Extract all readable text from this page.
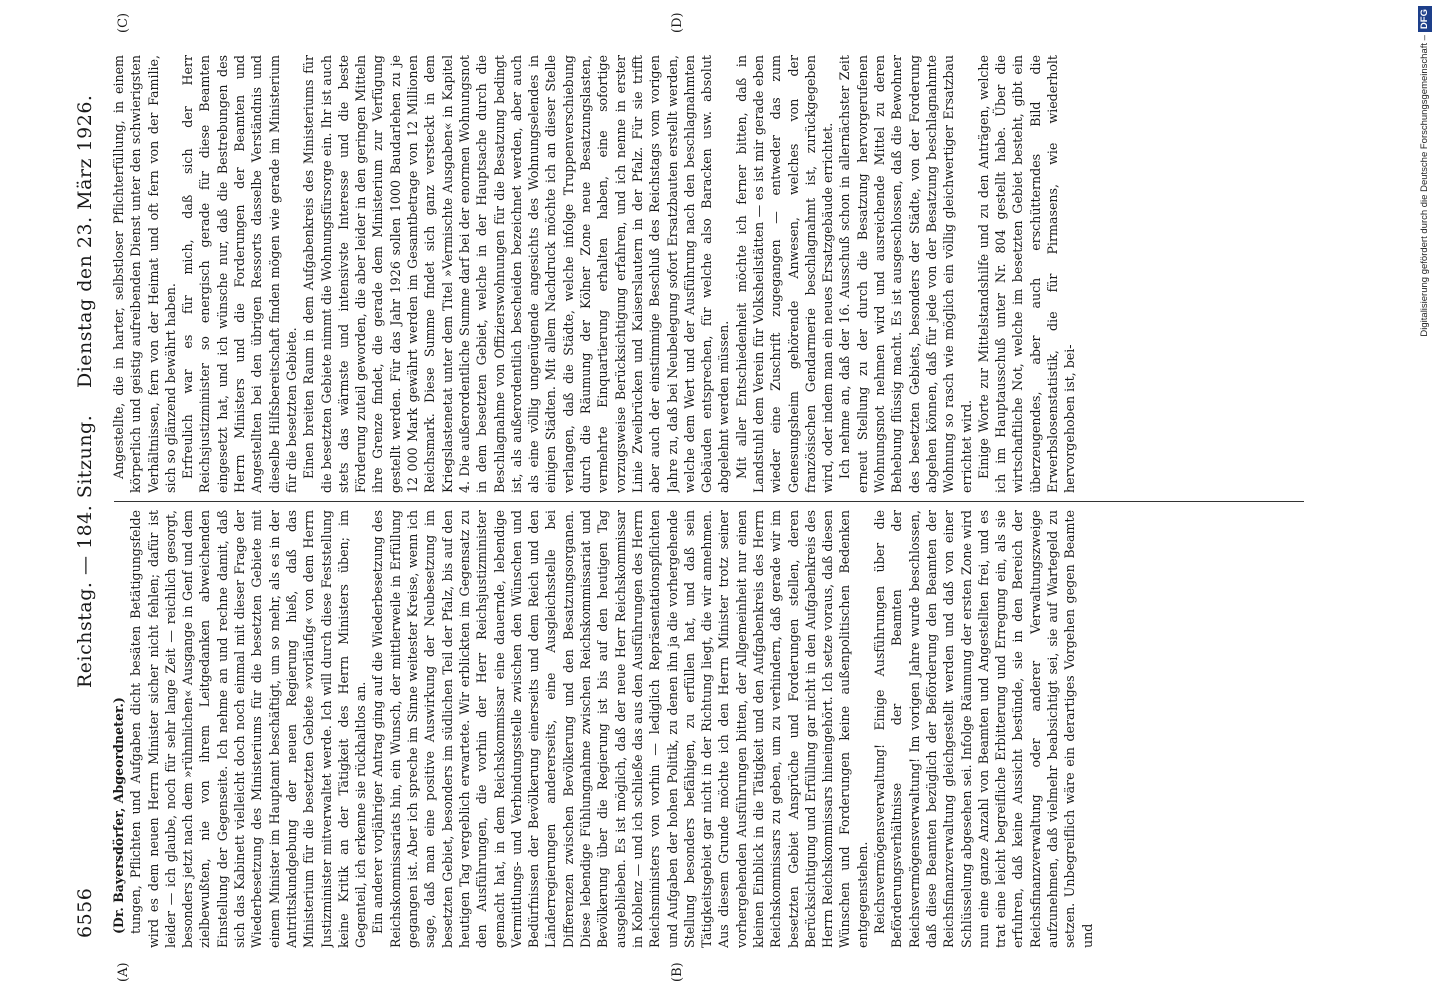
6556
Reichstag. — 184. Sitzung.
Dienstag den 23. März 1926.
(A)	(B)
(C)	(D)

(Dr. Bayersdörfer, Abgeordneter.) tungen, Pflichten und Aufgaben dicht besäten Betätigungsfelde wird es dem neuen Herrn Minister sicher nicht fehlen; dafür ist leider — ich glaube, noch für sehr lange Zeit — reichlich gesorgt, besonders jetzt nach dem »rühmlichen« Ausgange in Genf und dem zielbewußten, nie von ihrem Leitgedanken abweichenden Einstellung der Gegenseite. Ich nehme an und rechne damit, daß sich das Kabinett vielleicht doch noch einmal mit dieser Frage der Wiederbesetzung des Ministeriums für die besetzten Gebiete mit einem Minister im Hauptamt beschäftigt, um so mehr, als es in der Antrittskundgebung der neuen Regierung hieß, daß das Ministerium für die besetzten Gebiete »vorläufig« von dem Herrn Justizminister mitverwaltet werde. Ich will durch diese Feststellung keine Kritik an der Tätigkeit des Herrn Ministers üben; im Gegenteil, ich erkenne sie rückhaltlos an. Ein anderer vorjähriger Antrag ging auf die Wiederbesetzung des Reichskommissariats hin, ein Wunsch, der mittlerweile in Erfüllung gegangen ist. Aber ich spreche im Sinne weitester Kreise, wenn ich sage, daß man eine positive Auswirkung der Neubesetzung im besetzten Gebiet, besonders im südlichen Teil der Pfalz, bis auf den heutigen Tag vergeblich erwartete. Wir erblickten im Gegensatz zu den Ausführungen, die vorhin der Herr Reichsjustizminister gemacht hat, in dem Reichskommissar eine dauernde, lebendige Vermittlungs- und Verbindungsstelle zwischen den Wünschen und Bedürfnissen der Bevölkerung einerseits und dem Reich und den Länderregierungen andererseits, eine Ausgleichsstelle bei Differenzen zwischen Bevölkerung und den Besatzungsorganen. Diese lebendige Fühlungnahme zwischen Reichskommissariat und Bevölkerung über die Regierung ist bis auf den heutigen Tag ausgeblieben. Es ist möglich, daß der neue Herr Reichskommissar in Koblenz — und ich schließe das aus den Ausführungen des Herrn Reichsministers von vorhin — lediglich Repräsentationspflichten und Aufgaben der hohen Politik, zu denen ihn ja die vorhergehende Stellung besonders befähigen, zu erfüllen hat, und daß sein Tätigkeitsgebiet gar nicht in der Richtung liegt, die wir annehmen. Aus diesem Grunde möchte ich den Herrn Minister trotz seiner vorhergehenden Ausführungen bitten, der Allgemeinheit nur einen kleinen Einblick in die Tätigkeit und den Aufgabenkreis des Herrn Reichskommissars zu geben, um zu verhindern, daß gerade wir im besetzten Gebiet Ansprüche und Forderungen stellen, deren Berücksichtigung und Erfüllung gar nicht in den Aufgabenkreis des Herrn Reichskommissars hineingehört. Ich setze voraus, daß diesen Wünschen und Forderungen keine außenpolitischen Bedenken entgegenstehen. Reichsvermögensverwaltung! Einige Ausführungen über die Beförderungsverhältnisse der Beamten der Reichsvermögensverwaltung! Im vorigen Jahre wurde beschlossen, daß diese Beamten bezüglich der Beförderung den Beamten der Reichsfinanzverwaltung gleichgestellt werden und daß von einer Schlüsselung abgesehen sei. Infolge Räumung der ersten Zone wird nun eine ganze Anzahl von Beamten und Angestellten frei, und es trat eine leicht begreifliche Erbitterung und Erregung ein, als sie erfuhren, daß keine Aussicht bestünde, sie in den Bereich der Reichsfinanzverwaltung oder anderer Verwaltungszweige aufzunehmen, daß vielmehr beabsichtigt sei, sie auf Wartegeld zu setzen. Unbegreiflich wäre ein derartiges Vorgehen gegen Beamte und

Angestellte, die in harter, selbstloser Pflichterfüllung, in einem körperlich und geistig aufreibenden Dienst unter den schwierigsten Verhältnissen, fern von der Heimat und oft fern von der Familie, sich so glänzend bewährt haben. Erfreulich war es für mich, daß sich der Herr Reichsjustizminister so energisch gerade für diese Beamten eingesetzt hat, und ich wünsche nur, daß die Bestrebungen des Herrn Ministers und die Forderungen der Beamten und Angestellten bei den übrigen Ressorts dasselbe Verständnis und dieselbe Hilfsbereitschaft finden mögen wie gerade im Ministerium für die besetzten Gebiete. Einen breiten Raum in dem Aufgabenkreis des Ministeriums für die besetzten Gebiete nimmt die Wohnungsfürsorge ein. Ihr ist auch stets das wärmste und intensivste Interesse und die beste Förderung zuteil geworden, die aber leider in den geringen Mitteln ihre Grenze findet, die gerade dem Ministerium zur Verfügung gestellt werden. Für das Jahr 1926 sollen 1000 Baudarlehen zu je 12 000 Mark gewährt werden im Gesamtbetrage von 12 Millionen Reichsmark. Diese Summe findet sich ganz versteckt in dem Kriegslastenetat unter dem Titel »Vermischte Ausgaben« in Kapitel 4. Die außerordentliche Summe darf bei der enormen Wohnungsnot in dem besetzten Gebiet, welche in der Hauptsache durch die Beschlagnahme von Offizierswohnungen für die Besatzung bedingt ist, als außerordentlich bescheiden bezeichnet werden, aber auch als eine völlig ungenügende angesichts des Wohnungselendes in einigen Städten. Mit allem Nachdruck möchte ich an dieser Stelle verlangen, daß die Städte, welche infolge Truppenverschiebung durch die Räumung der Kölner Zone neue Besatzungslasten, vermehrte Einquartierung erhalten haben, eine sofortige vorzugsweise Berücksichtigung erfahren, und ich nenne in erster Linie Zweibrücken und Kaiserslautern in der Pfalz. Für sie trifft aber auch der einstimmige Beschluß des Reichstags vom vorigen Jahre zu, daß bei Neubelegung sofort Ersatzbauten erstellt werden, welche dem Wert und der Ausführung nach den beschlagnahmten Gebäuden entsprechen, für welche also Baracken usw. absolut abgelehnt werden müssen. Mit aller Entschiedenheit möchte ich ferner bitten, daß in Landstuhl dem Verein für Volksheilstätten — es ist mir gerade eben wieder eine Zuschrift zugegangen — entweder das zum Genesungsheim gehörende Anwesen, welches von der französischen Gendarmerie beschlagnahmt ist, zurückgegeben wird, oder indem man ein neues Ersatzgebäude errichtet. Ich nehme an, daß der 16. Ausschuß schon in allernächster Zeit erneut Stellung zu der durch die Besatzung hervorgerufenen Wohnungsnot nehmen wird und ausreichende Mittel zu deren Behebung flüssig macht. Es ist ausgeschlossen, daß die Bewohner des besetzten Gebiets, besonders der Städte, von der Forderung abgehen können, daß für jede von der Besatzung beschlagnahmte Wohnung so rasch wie möglich ein völlig gleichwertiger Ersatzbau errichtet wird. Einige Worte zur Mittelstandshilfe und zu den Anträgen, welche ich im Hauptausschuß unter Nr. 804 gestellt habe. Über die wirtschaftliche Not, welche im besetzten Gebiet besteht, gibt ein überzeugendes, aber auch erschütterndes Bild die Erwerbslosenstatistik, die für Pirmasens, wie wiederholt hervorgehoben ist, bei-

Digitalisierung gefördert durch die Deutsche Forschungsgemeinschaft –DFG
